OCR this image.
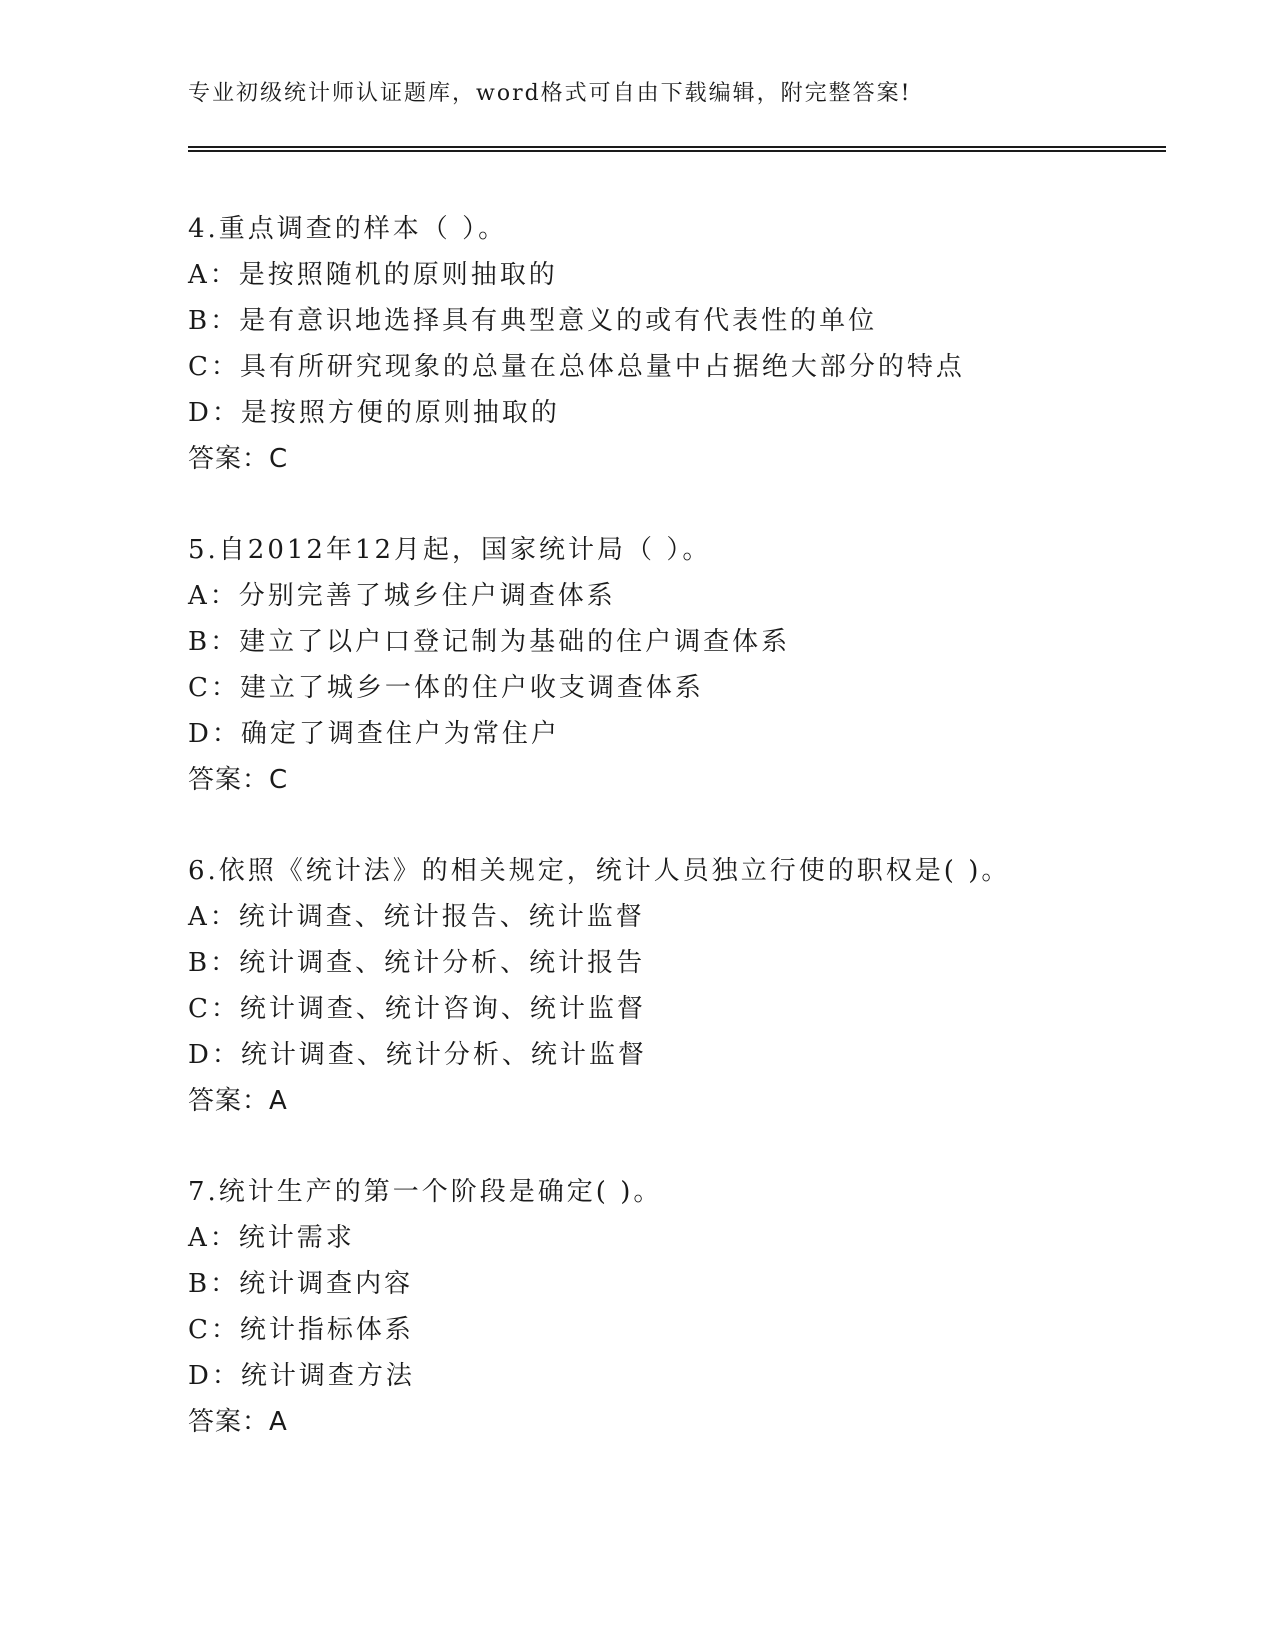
专业初级统计师认证题库，word格式可自由下载编辑，附完整答案!
4.重点调查的样本（ ）。
A：是按照随机的原则抽取的
B：是有意识地选择具有典型意义的或有代表性的单位
C：具有所研究现象的总量在总体总量中占据绝大部分的特点
D：是按照方便的原则抽取的
答案：C
5.自2012年12月起，国家统计局（ ）。
A：分别完善了城乡住户调查体系
B：建立了以户口登记制为基础的住户调查体系
C：建立了城乡一体的住户收支调查体系
D：确定了调查住户为常住户
答案：C
6.依照《统计法》的相关规定，统计人员独立行使的职权是( )。
A：统计调查、统计报告、统计监督
B：统计调查、统计分析、统计报告
C：统计调查、统计咨询、统计监督
D：统计调查、统计分析、统计监督
答案：A
7.统计生产的第一个阶段是确定( )。
A：统计需求
B：统计调查内容
C：统计指标体系
D：统计调查方法
答案：A
